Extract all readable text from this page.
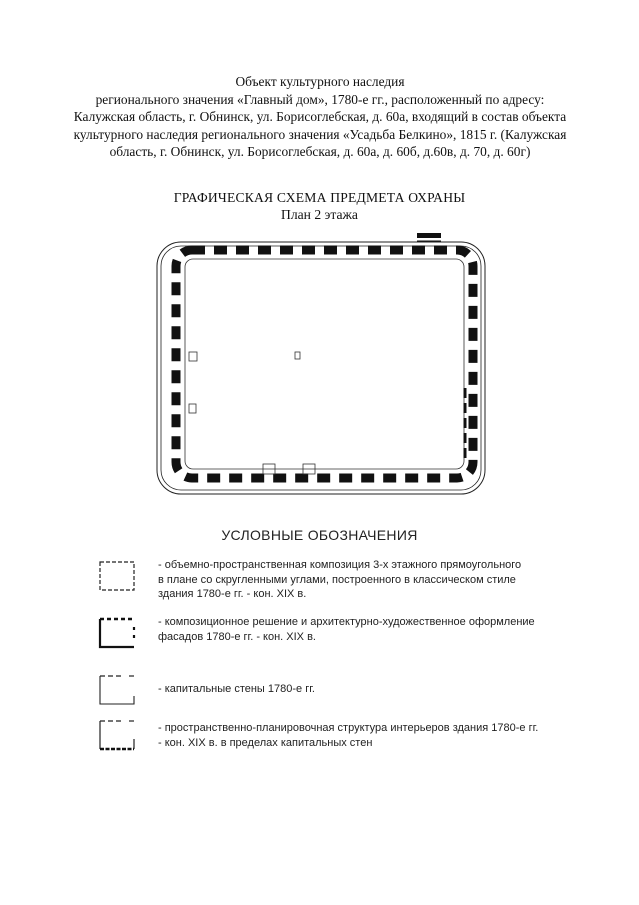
Объект культурного наследия
регионального значения «Главный дом», 1780-е гг., расположенный по адресу:
Калужская область, г. Обнинск, ул. Борисоглебская, д. 60а, входящий в состав объекта
культурного наследия регионального значения «Усадьба Белкино», 1815 г. (Калужская
область, г. Обнинск, ул. Борисоглебская, д. 60а, д. 60б, д.60в, д. 70, д. 60г)
ГРАФИЧЕСКАЯ СХЕМА ПРЕДМЕТА ОХРАНЫ
План 2 этажа
УСЛОВНЫЕ ОБОЗНАЧЕНИЯ
- объемно-пространственная композиция 3-х этажного прямоугольного
в плане со скругленными углами, построенного в классическом стиле
здания 1780-е гг. - кон. XIX в.
- композиционное решение и архитектурно-художественное оформление
фасадов 1780-е гг. - кон. XIX в.
- капитальные стены 1780-е гг.
- пространственно-планировочная структура интерьеров здания 1780-е гг.
- кон. XIX в. в пределах капитальных стен
